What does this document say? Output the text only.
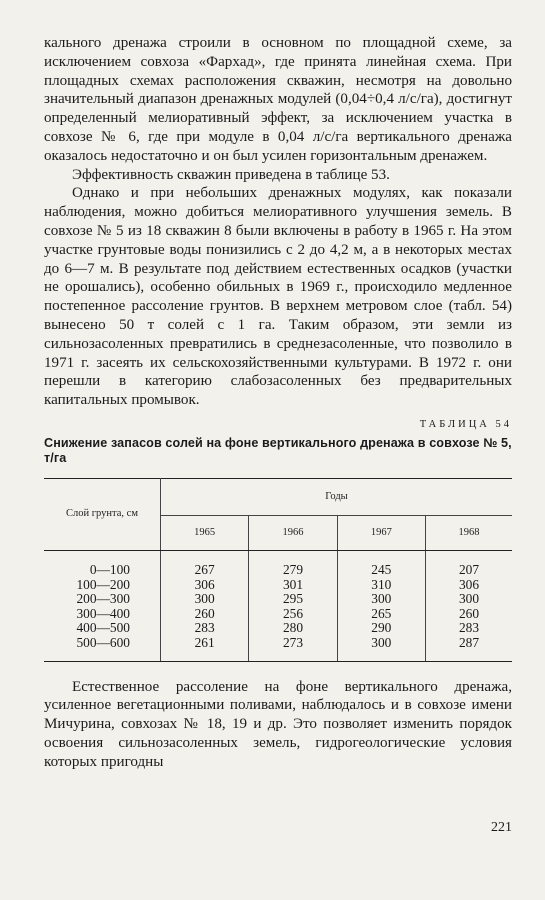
кального дренажа строили в основном по площадной схеме, за исключением совхоза «Фархад», где принята линейная схема. При площадных схемах расположения скважин, несмотря на довольно значительный диапазон дренажных модулей (0,04÷0,4 л/с/га), достигнут определенный мелиоративный эффект, за исключением участка в совхозе № 6, где при модуле в 0,04 л/с/га вертикального дренажа оказалось недостаточно и он был усилен горизонтальным дренажем.

Эффективность скважин приведена в таблице 53.

Однако и при небольших дренажных модулях, как показали наблюдения, можно добиться мелиоративного улучшения земель. В совхозе № 5 из 18 скважин 8 были включены в работу в 1965 г. На этом участке грунтовые воды понизились с 2 до 4,2 м, а в некоторых местах до 6—7 м. В результате под действием естественных осадков (участки не орошались), особенно обильных в 1969 г., происходило медленное постепенное рассоление грунтов. В верхнем метровом слое (табл. 54) вынесено 50 т солей с 1 га. Таким образом, эти земли из сильнозасоленных превратились в среднезасоленные, что позволило в 1971 г. засеять их сельскохозяйственными культурами. В 1972 г. они перешли в категорию слабозасоленных без предварительных капитальных промывок.

ТАБЛИЦА 54
Снижение запасов солей на фоне вертикального дренажа в совхозе № 5, т/га
Слой грунта, см	Годы			
	1965	1966	1967	1968
0—100	267	279	245	207
100—200	306	301	310	306
200—300	300	295	300	300
300—400	260	256	265	260
400—500	283	280	290	283
500—600	261	273	300	287

Естественное рассоление на фоне вертикального дренажа, усиленное вегетационными поливами, наблюдалось и в совхозе имени Мичурина, совхозах № 18, 19 и др. Это позволяет изменить порядок освоения сильнозасоленных земель, гидрогеологические условия которых пригодны

221
